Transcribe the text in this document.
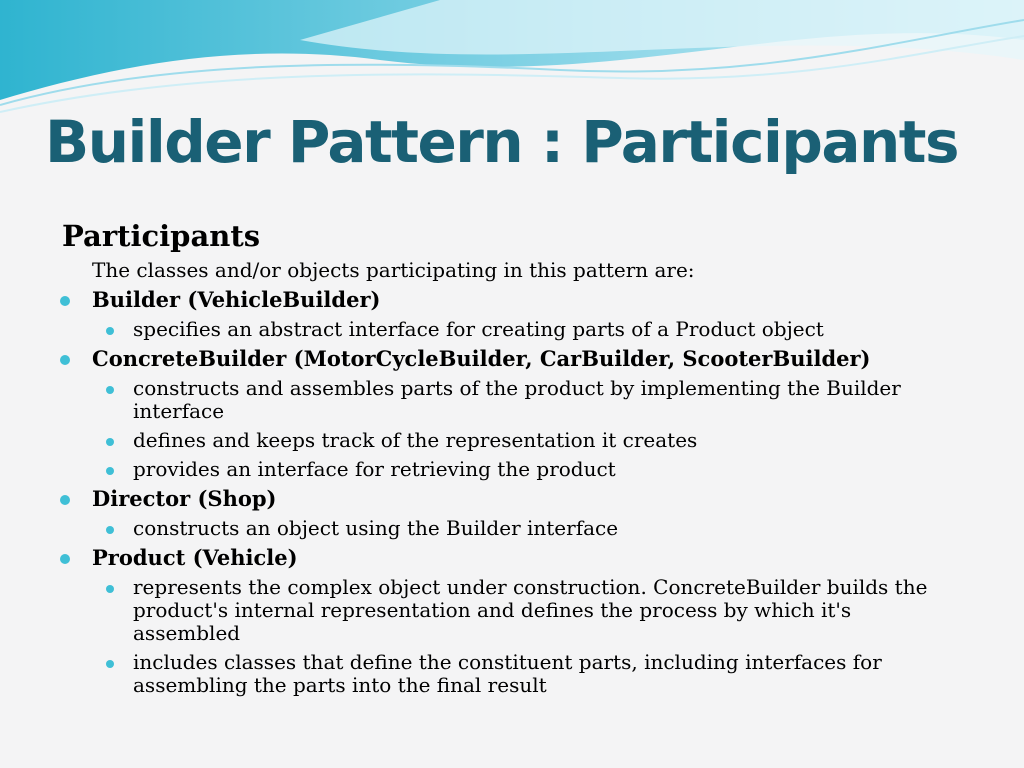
Builder Pattern : Participants
Participants
The classes and/or objects participating in this pattern are:
Builder (VehicleBuilder)
specifies an abstract interface for creating parts of a Product object
ConcreteBuilder (MotorCycleBuilder, CarBuilder, ScooterBuilder)
constructs and assembles parts of the product by implementing the Builder interface
defines and keeps track of the representation it creates
provides an interface for retrieving the product
Director (Shop)
constructs an object using the Builder interface
Product (Vehicle)
represents the complex object under construction. ConcreteBuilder builds the product's internal representation and defines the process by which it's assembled
includes classes that define the constituent parts, including interfaces for assembling the parts into the final result
